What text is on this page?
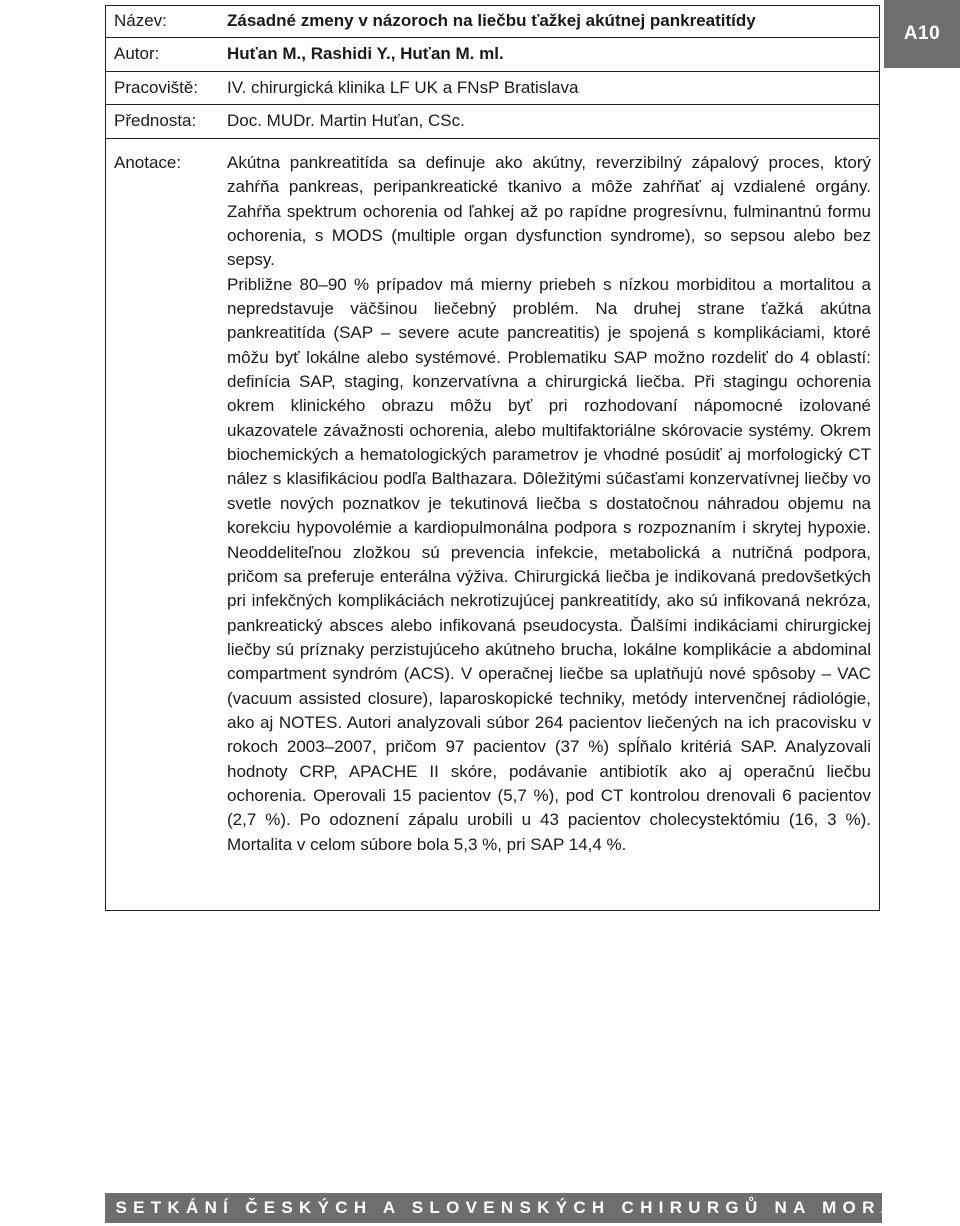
A10
Název:	Zásadné zmeny v názoroch na liečbu ťažkej akútnej pankreatitídy
Autor:	Huťan M., Rashidi Y., Huťan M. ml.
Pracoviště: IV. chirurgická klinika LF UK a FNsP Bratislava
Přednosta: Doc. MUDr. Martin Huťan, CSc.
Anotace:	Akútna pankreatitída sa definuje ako akútny, reverzibilný zápalový proces, ktorý zahŕňa pankreas, peripankreatické tkanivo a môže zahŕňať aj vzdialené orgány. Zahŕňa spektrum ochorenia od ľahkej až po rapídne progresívnu, fulminantnú formu ochorenia, s MODS (multiple organ dysfunction syndrome), so sepsou alebo bez sepsy.

Približne 80–90 % prípadov má mierny priebeh s nízkou morbiditou a mortalitou a nepredstavuje väčšinou liečebný problém. Na druhej strane ťažká akútna pankreatitída (SAP – severe acute pancreatitis) je spojená s komplikáciami, ktoré môžu byť lokálne alebo systémové. Problematiku SAP možno rozdeliť do 4 oblastí: definícia SAP, staging, konzervatívna a chirurgická liečba. Při stagingu ochorenia okrem klinického obrazu môžu byť pri rozhodovaní nápomocné izolované ukazovatele závažnosti ochorenia, alebo multifaktoriálne skórovacie systémy. Okrem biochemických a hematologických parametrov je vhodné posúdiť aj morfologický CT nález s klasifikáciou podľa Balthazara. Dôležitými súčasťami konzervatívnej liečby vo svetle nových poznatkov je tekutinová liečba s dostatočnou náhradou objemu na korekciu hypovolémie a kardiopulmonálna podpora s rozpoznaním i skrytej hypoxie. Neoddeliteľnou zložkou sú prevencia infekcie, metabolická a nutričná podpora, pričom sa preferuje enterálna výživa. Chirurgická liečba je indikovaná predovšetkých pri infekčných komplikáciách nekrotizujúcej pankreatitídy, ako sú infikovaná nekróza, pankreatický absces alebo infikovaná pseudocysta. Ďalšími indikáciami chirurgickej liečby sú príznaky perzistujúceho akútneho brucha, lokálne komplikácie a abdominal compartment syndróm (ACS). V operačnej liečbe sa uplatňujú nové spôsoby – VAC (vacuum assisted closure), laparoskopické techniky, metódy intervenčnej rádiológie, ako aj NOTES. Autori analyzovali súbor 264 pacientov liečených na ich pracovisku v rokoch 2003–2007, pričom 97 pacientov (37 %) spĺňalo kritériá SAP. Analyzovali hodnoty CRP, APACHE II skóre, podávanie antibiotík ako aj operačnú liečbu ochorenia. Operovali 15 pacientov (5,7 %), pod CT kontrolou drenovali 6 pacientov (2,7 %). Po odoznení zápalu urobili u 43 pacientov cholecystektómiu (16, 3 %). Mortalita v celom súbore bola 5,3 %, pri SAP 14,4 %.

XII. SETKÁNÍ ČESKÝCH A SLOVENSKÝCH CHIRURGŮ NA MORAVĚ
